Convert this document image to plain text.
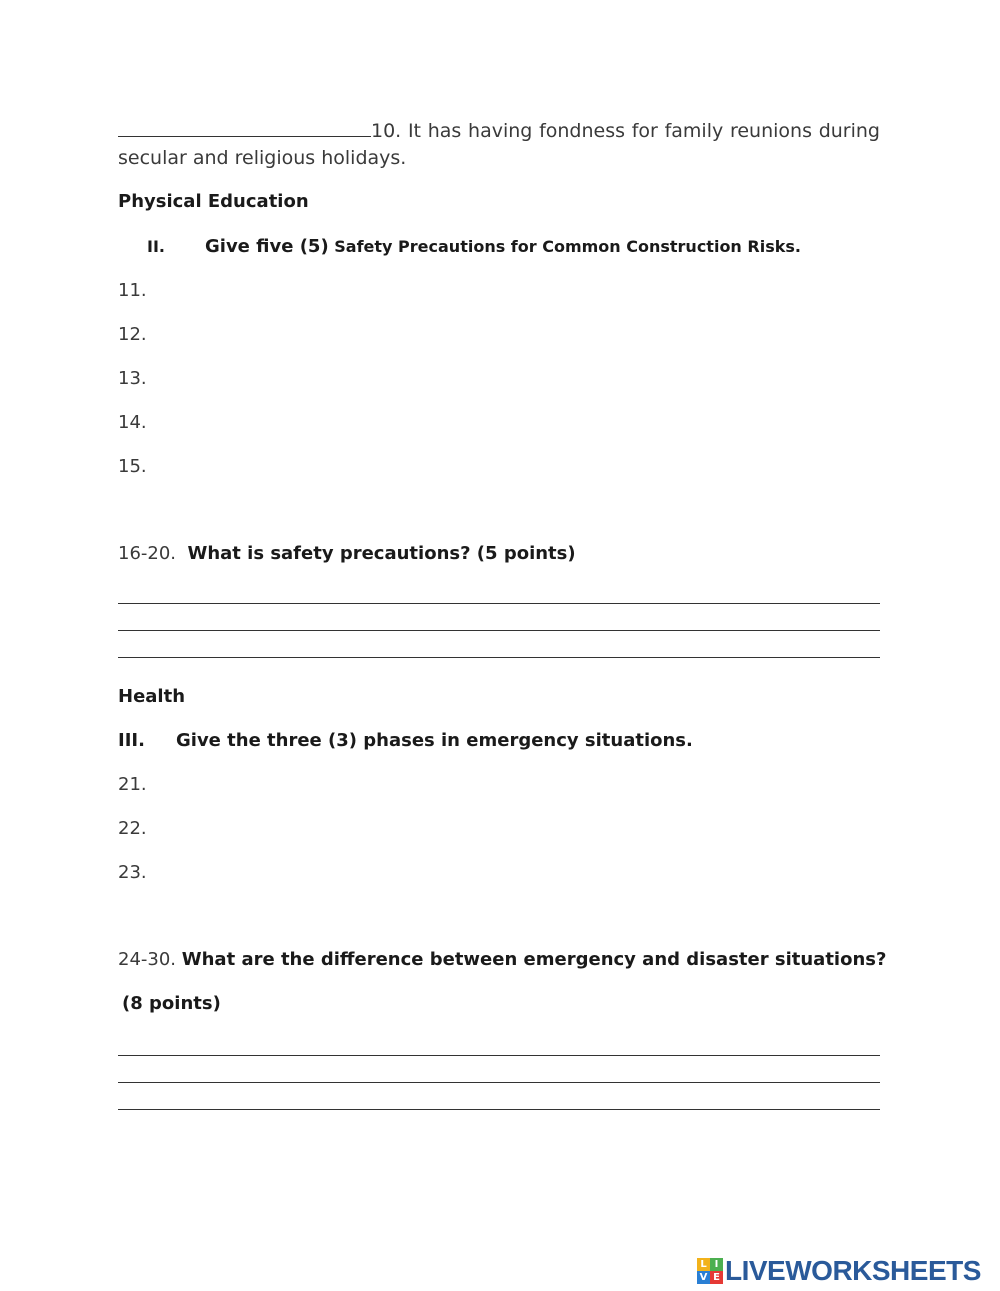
10. It has having fondness for family reunions during secular and religious holidays.
Physical Education
II. Give five (5) Safety Precautions for Common Construction Risks.
11.
12.
13.
14.
15.
16-20. What is safety precautions? (5 points)
Health
III. Give the three (3) phases in emergency situations.
21.
22.
23.
24-30. What are the difference between emergency and disaster situations?
(8 points)
L I
V E LIVEWORKSHEETS
